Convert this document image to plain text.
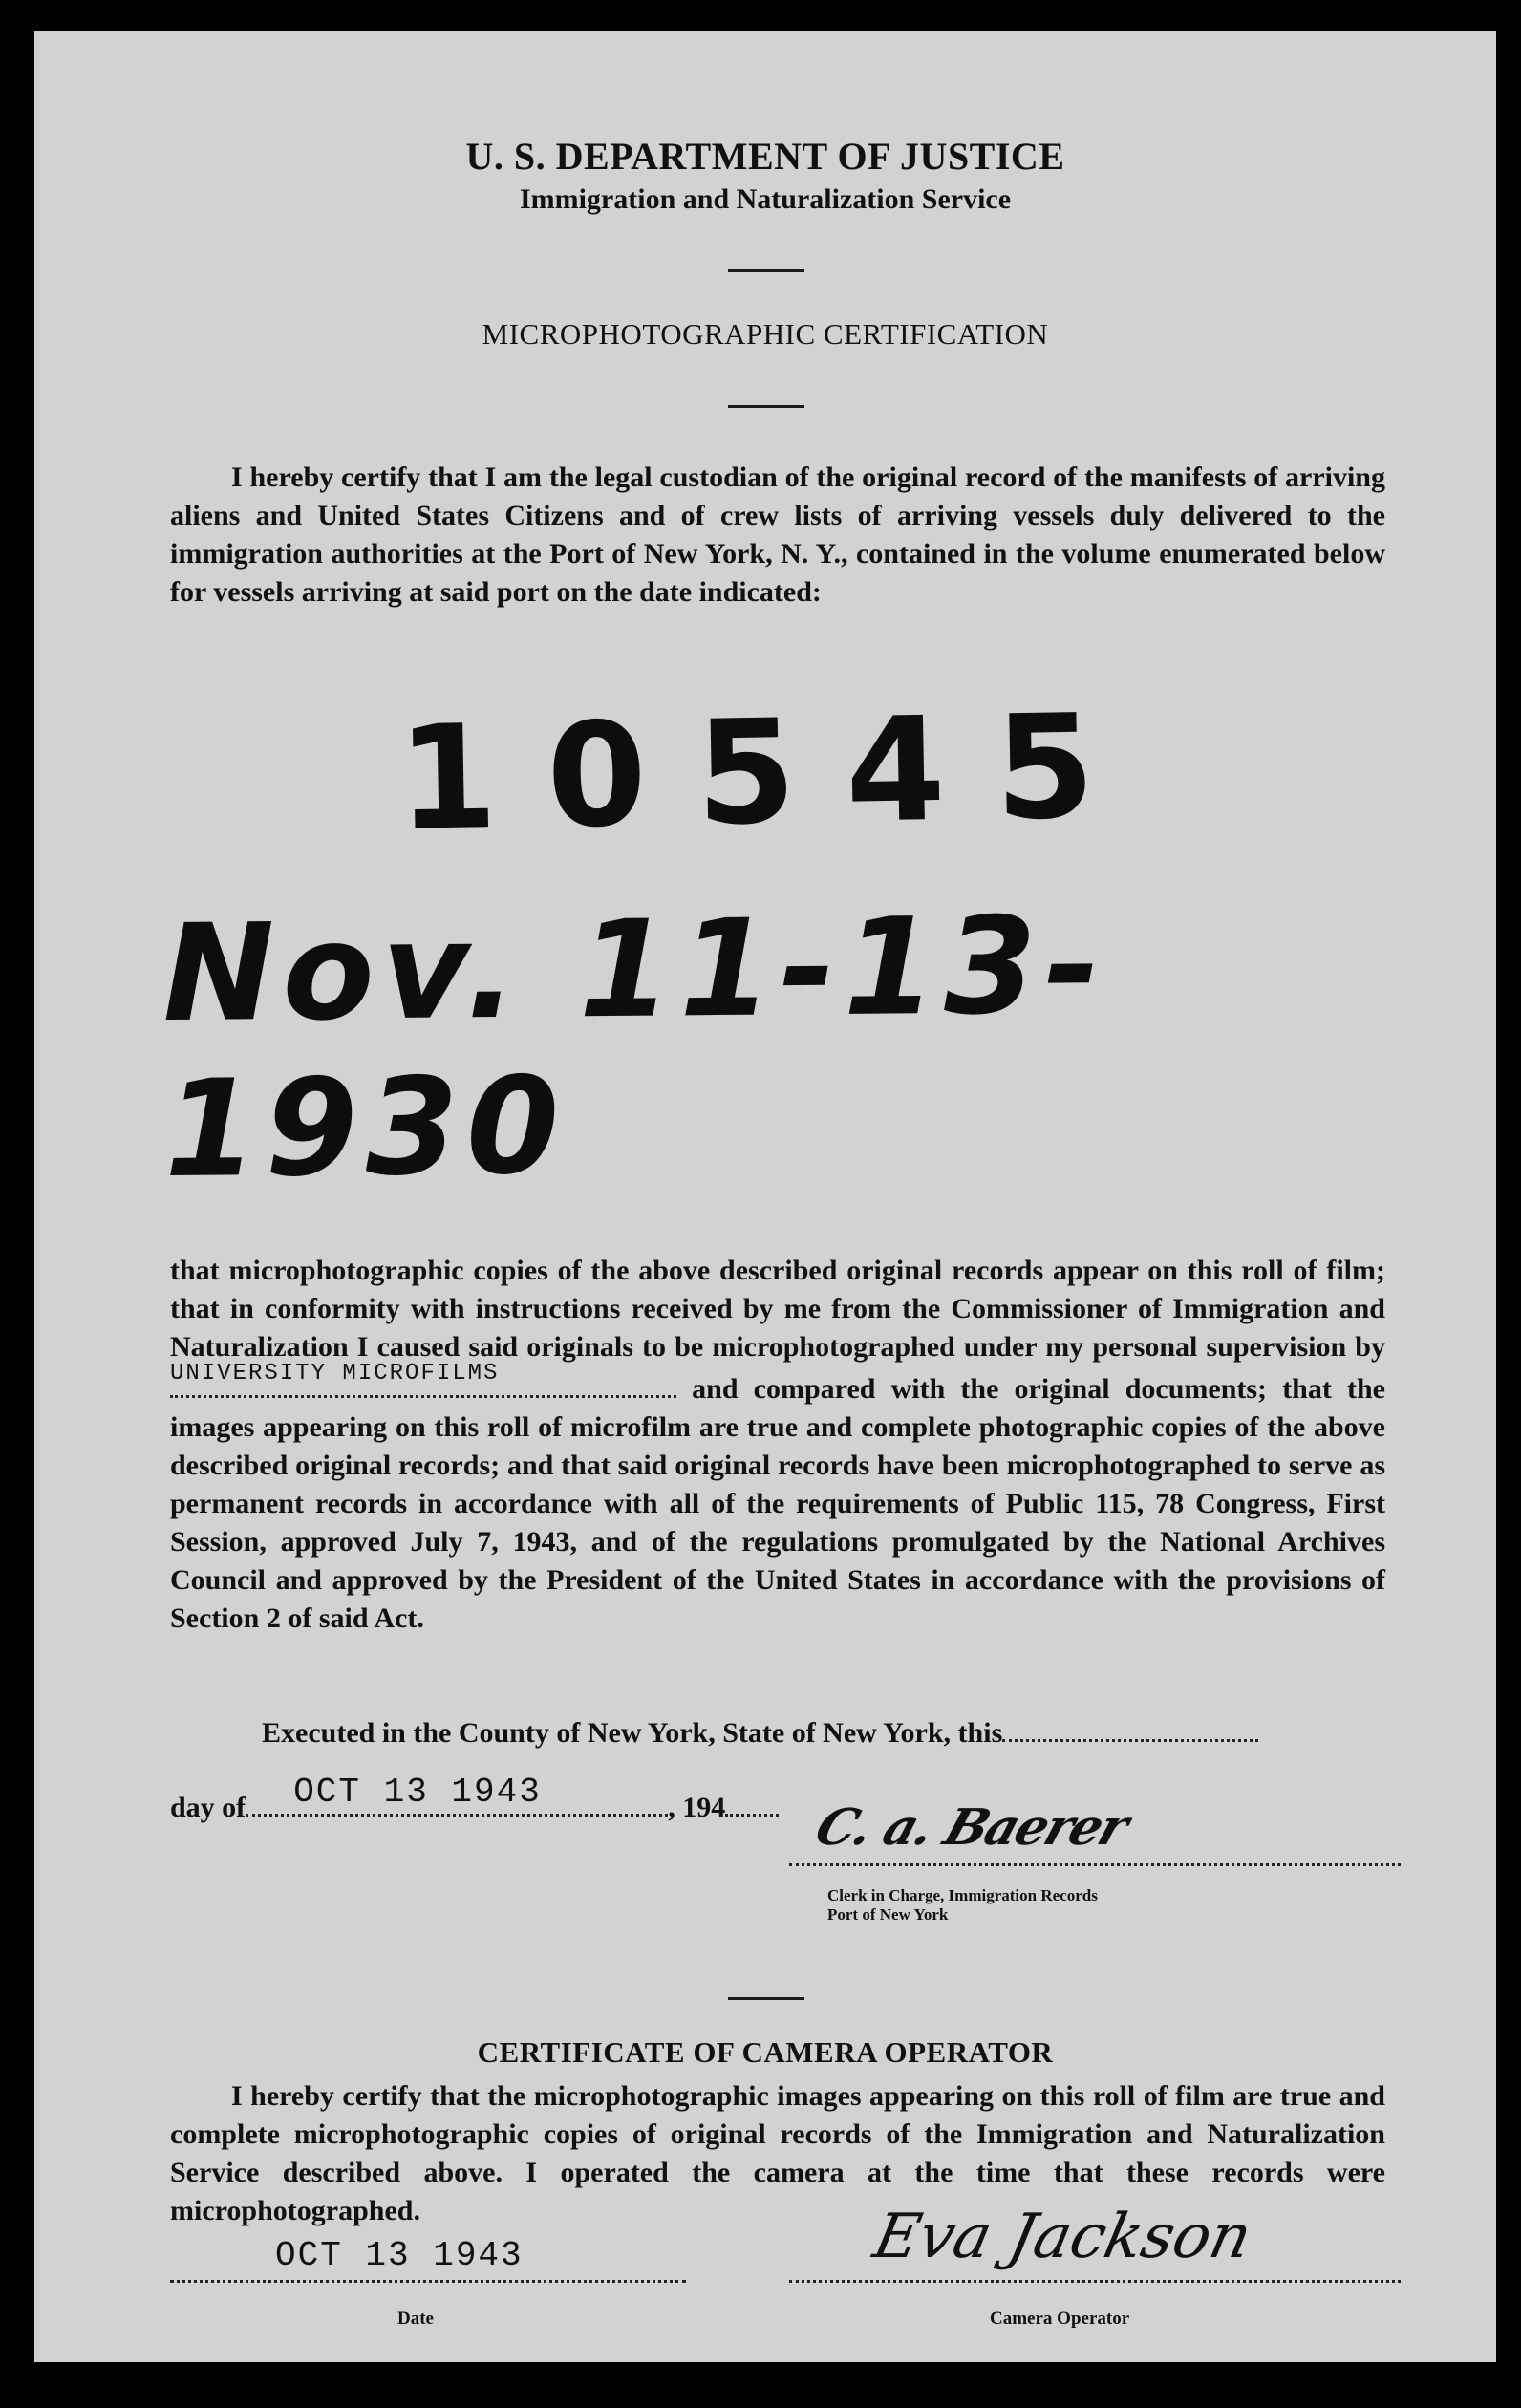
U. S. DEPARTMENT OF JUSTICE
Immigration and Naturalization Service
MICROPHOTOGRAPHIC CERTIFICATION
I hereby certify that I am the legal custodian of the original record of the manifests of arriving aliens and United States Citizens and of crew lists of arriving vessels duly delivered to the immigration authorities at the Port of New York, N. Y., contained in the volume enumerated below for vessels arriving at said port on the date indicated:
10545
Nov. 11-13-1930
that microphotographic copies of the above described original records appear on this roll of film; that in conformity with instructions received by me from the Commissioner of Immigration and Naturalization I caused said originals to be microphotographed under my personal supervision by
UNIVERSITY MICROFILMS	and compared with the original documents; that the images appearing on this roll of microfilm are true and complete photographic copies of the above described original records; and that said original records have been microphotographed to serve as permanent records in accordance with all of the requirements of Public 115, 78 Congress, First Session, approved July 7, 1943, and of the regulations promulgated by the National Archives Council and approved by the President of the United States in accordance with the provisions of Section 2 of said Act.
Executed in the County of New York, State of New York, this
day of OCT 13 1943	, 194	C. a. Baerer
Clerk in Charge, Immigration Records
Port of New York
CERTIFICATE OF CAMERA OPERATOR
I hereby certify that the microphotographic images appearing on this roll of film are true and complete microphotographic copies of original records of the Immigration and Naturalization Service described above. I operated the camera at the time that these records were microphotographed.
OCT 13 1943
Date
Eva Jackson
Camera Operator
